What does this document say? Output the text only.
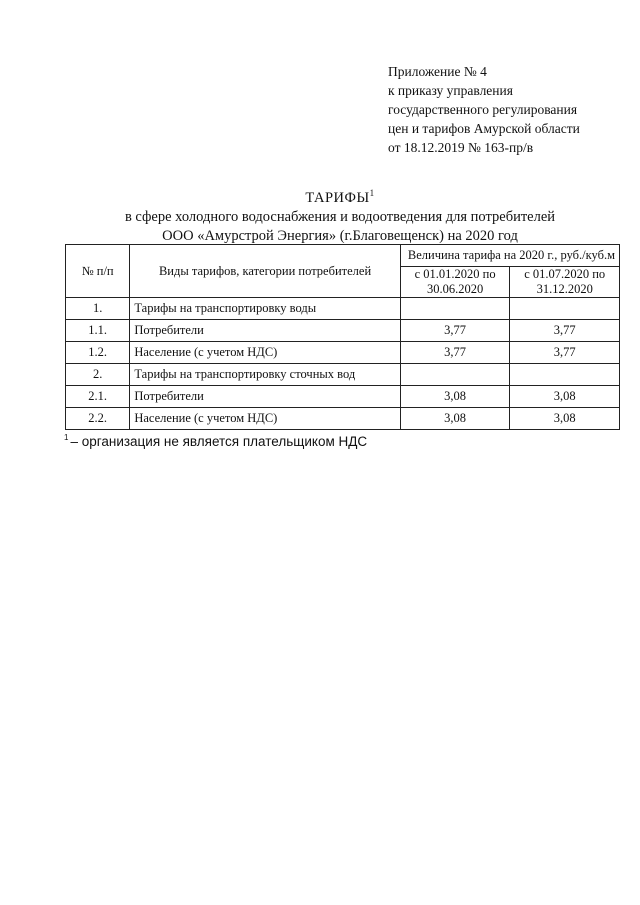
Приложение № 4
к приказу управления
государственного регулирования
цен и тарифов Амурской области
от 18.12.2019 № 163-пр/в
ТАРИФЫ$^1$
в сфере холодного водоснабжения и водоотведения для потребителей
ООО «Амурстрой Энергия» (г.Благовещенск) на 2020 год
№ п/п	Виды тарифов, категории потребителей	Величина тарифа на 2020 г., руб./куб.м	
		с 01.01.2020 по 30.06.2020	с 01.07.2020 по 31.12.2020
1.	Тарифы на транспортировку воды		
1.1.	Потребители	3,77	3,77
1.2.	Население (с учетом НДС)	3,77	3,77
2.	Тарифы на транспортировку сточных вод		
2.1.	Потребители	3,08	3,08
2.2.	Население (с учетом НДС)	3,08	3,08
$^1$ – организация не является плательщиком НДС
